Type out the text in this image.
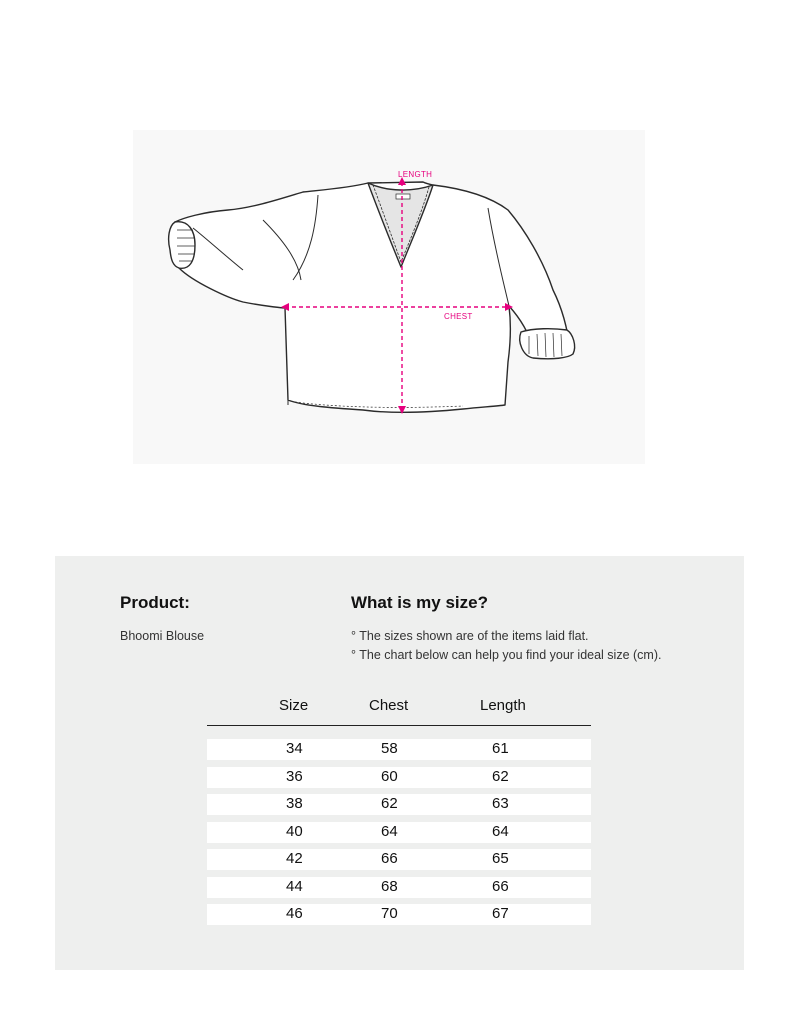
LENGTH
CHEST
Product:
Bhoomi Blouse
What is my size?
° The sizes shown are of the items laid flat.
° The chart below can help you find your ideal size (cm).
Size	Chest	Length
34	58	61
36	60	62
38	62	63
40	64	64
42	66	65
44	68	66
46	70	67
